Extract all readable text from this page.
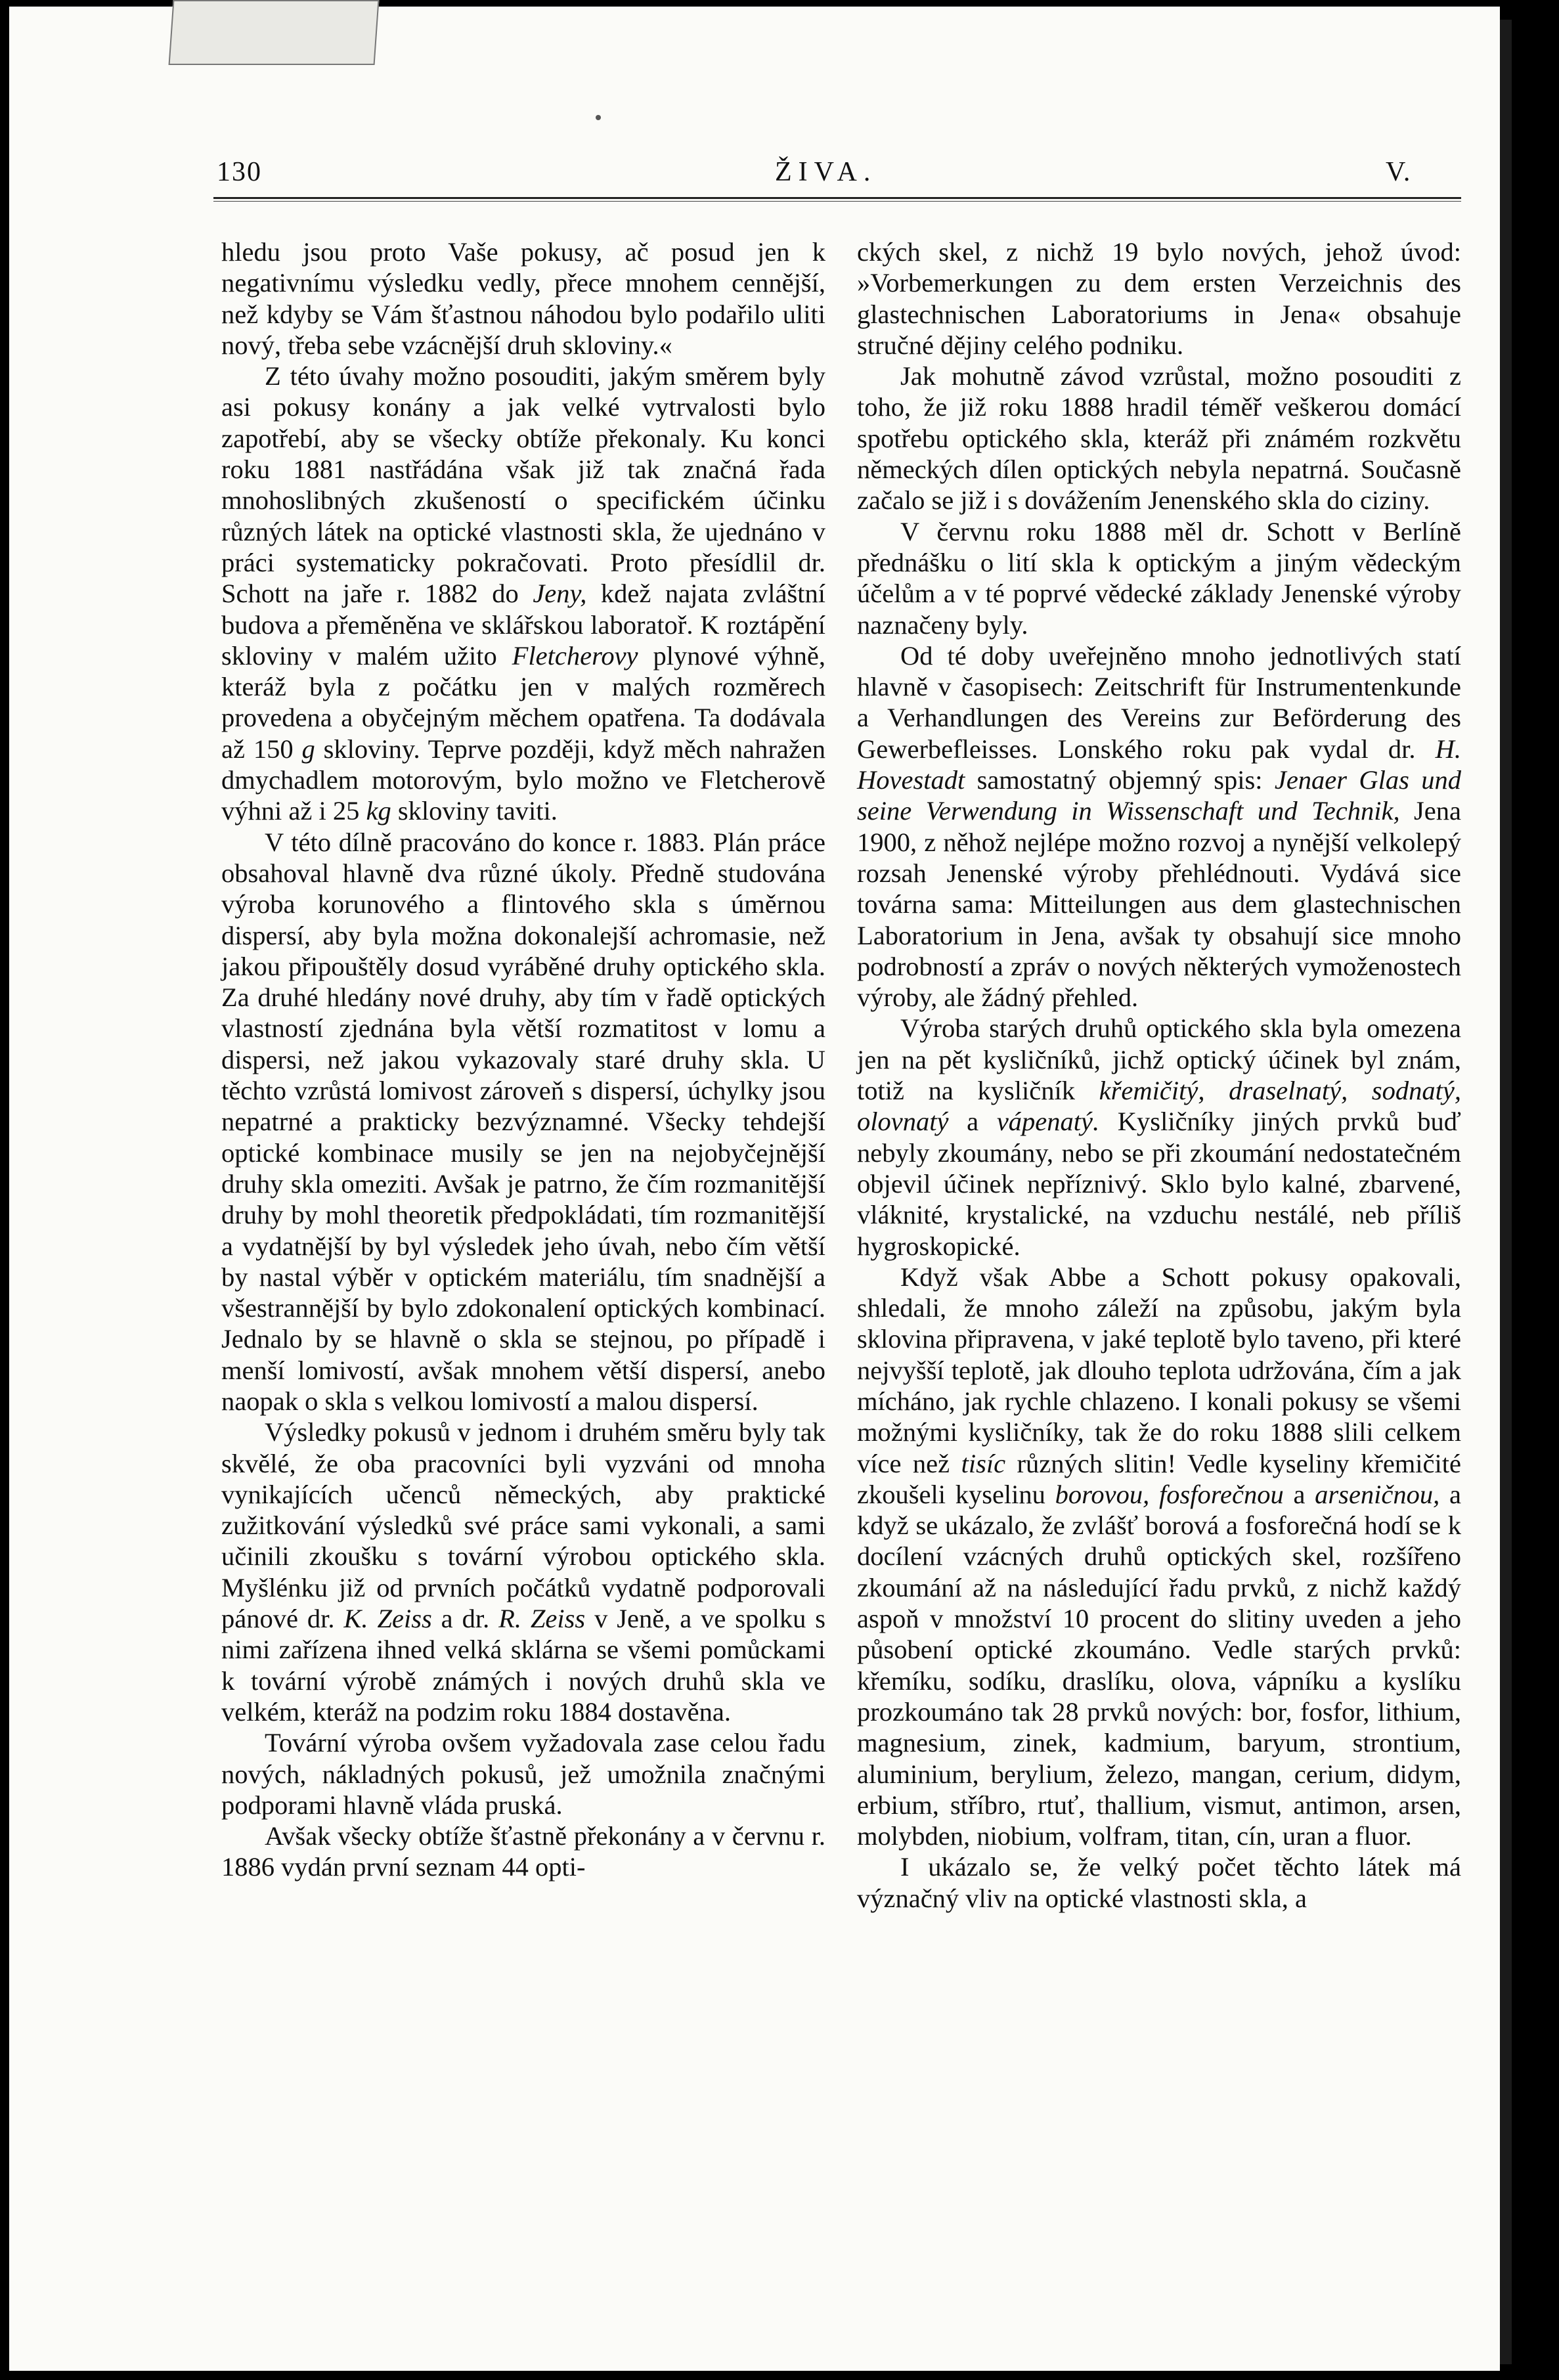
130	ŽIVA.	V.

hledu jsou proto Vaše pokusy, ač posud jen k negativnímu výsledku vedly, přece mnohem cennější, než kdyby se Vám šťastnou náhodou bylo podařilo uliti nový, třeba sebe vzácnější druh skloviny.«

Z této úvahy možno posouditi, jakým směrem byly asi pokusy konány a jak velké vytrvalosti bylo zapotřebí, aby se všecky obtíže překonaly. Ku konci roku 1881 nastřádána však již tak značná řada mnohoslibných zkušeností o specifickém účinku různých látek na optické vlastnosti skla, že ujednáno v práci systematicky pokračovati. Proto přesídlil dr. Schott na jaře r. 1882 do Jeny, kdež najata zvláštní budova a přeměněna ve sklářskou laboratoř. K roztápění skloviny v malém užito Fletcherovy plynové výhně, kteráž byla z počátku jen v malých rozměrech provedena a obyčejným měchem opatřena. Ta dodávala až 150 g skloviny. Teprve později, když měch nahražen dmychadlem motorovým, bylo možno ve Fletcherově výhni až i 25 kg skloviny taviti.

V této dílně pracováno do konce r. 1883. Plán práce obsahoval hlavně dva různé úkoly. Předně studována výroba korunového a flintového skla s úměrnou dispersí, aby byla možna dokonalejší achromasie, než jakou připouštěly dosud vyráběné druhy optického skla. Za druhé hledány nové druhy, aby tím v řadě optických vlastností zjednána byla větší rozmatitost v lomu a dispersi, než jakou vykazovaly staré druhy skla. U těchto vzrůstá lomivost zároveň s dispersí, úchylky jsou nepatrné a prakticky bezvýznamné. Všecky tehdejší optické kombinace musily se jen na nejobyčejnější druhy skla omeziti. Avšak je patrno, že čím rozmanitější druhy by mohl theoretik předpokládati, tím rozmanitější a vydatnější by byl výsledek jeho úvah, nebo čím větší by nastal výběr v optickém materiálu, tím snadnější a všestrannější by bylo zdokonalení optických kombinací. Jednalo by se hlavně o skla se stejnou, po případě i menší lomivostí, avšak mnohem větší dispersí, anebo naopak o skla s velkou lomivostí a malou dispersí.

Výsledky pokusů v jednom i druhém směru byly tak skvělé, že oba pracovníci byli vyzváni od mnoha vynikajících učenců německých, aby praktické zužitkování výsledků své práce sami vykonali, a sami učinili zkoušku s tovární výrobou optického skla. Myšlénku již od prvních počátků vydatně podporovali pánové dr. K. Zeiss a dr. R. Zeiss v Jeně, a ve spolku s nimi zařízena ihned velká sklárna se všemi pomůckami k tovární výrobě známých i nových druhů skla ve velkém, kteráž na podzim roku 1884 dostavěna.

Tovární výroba ovšem vyžadovala zase celou řadu nových, nákladných pokusů, jež umožnila značnými podporami hlavně vláda pruská.

Avšak všecky obtíže šťastně překonány a v červnu r. 1886 vydán první seznam 44 opti-

ckých skel, z nichž 19 bylo nových, jehož úvod: »Vorbemerkungen zu dem ersten Verzeichnis des glastechnischen Laboratoriums in Jena« obsahuje stručné dějiny celého podniku.

Jak mohutně závod vzrůstal, možno posouditi z toho, že již roku 1888 hradil téměř veškerou domácí spotřebu optického skla, kteráž při známém rozkvětu německých dílen optických nebyla nepatrná. Současně začalo se již i s dovážením Jenenského skla do ciziny.

V červnu roku 1888 měl dr. Schott v Berlíně přednášku o lití skla k optickým a jiným vědeckým účelům a v té poprvé vědecké základy Jenenské výroby naznačeny byly.

Od té doby uveřejněno mnoho jednotlivých statí hlavně v časopisech: Zeitschrift für Instrumentenkunde a Verhandlungen des Vereins zur Beförderung des Gewerbefleisses. Lonského roku pak vydal dr. H. Hovestadt samostatný objemný spis: Jenaer Glas und seine Verwendung in Wissenschaft und Technik, Jena 1900, z něhož nejlépe možno rozvoj a nynější velkolepý rozsah Jenenské výroby přehlédnouti. Vydává sice továrna sama: Mitteilungen aus dem glastechnischen Laboratorium in Jena, avšak ty obsahují sice mnoho podrobností a zpráv o nových některých vymoženostech výroby, ale žádný přehled.

Výroba starých druhů optického skla byla omezena jen na pět kysličníků, jichž optický účinek byl znám, totiž na kysličník křemičitý, draselnatý, sodnatý, olovnatý a vápenatý. Kysličníky jiných prvků buď nebyly zkoumány, nebo se při zkoumání nedostatečném objevil účinek nepříznivý. Sklo bylo kalné, zbarvené, vláknité, krystalické, na vzduchu nestálé, neb příliš hygroskopické.

Když však Abbe a Schott pokusy opakovali, shledali, že mnoho záleží na způsobu, jakým byla sklovina připravena, v jaké teplotě bylo taveno, při které nejvyšší teplotě, jak dlouho teplota udržována, čím a jak mícháno, jak rychle chlazeno. I konali pokusy se všemi možnými kysličníky, tak že do roku 1888 slili celkem více než tisíc různých slitin! Vedle kyseliny křemičité zkoušeli kyselinu borovou, fosforečnou a arseničnou, a když se ukázalo, že zvlášť borová a fosforečná hodí se k docílení vzácných druhů optických skel, rozšířeno zkoumání až na následující řadu prvků, z nichž každý aspoň v množství 10 procent do slitiny uveden a jeho působení optické zkoumáno. Vedle starých prvků: křemíku, sodíku, draslíku, olova, vápníku a kyslíku prozkoumáno tak 28 prvků nových: bor, fosfor, lithium, magnesium, zinek, kadmium, baryum, strontium, aluminium, berylium, železo, mangan, cerium, didym, erbium, stříbro, rtuť, thallium, vismut, antimon, arsen, molybden, niobium, volfram, titan, cín, uran a fluor.

I ukázalo se, že velký počet těchto látek má význačný vliv na optické vlastnosti skla, a
